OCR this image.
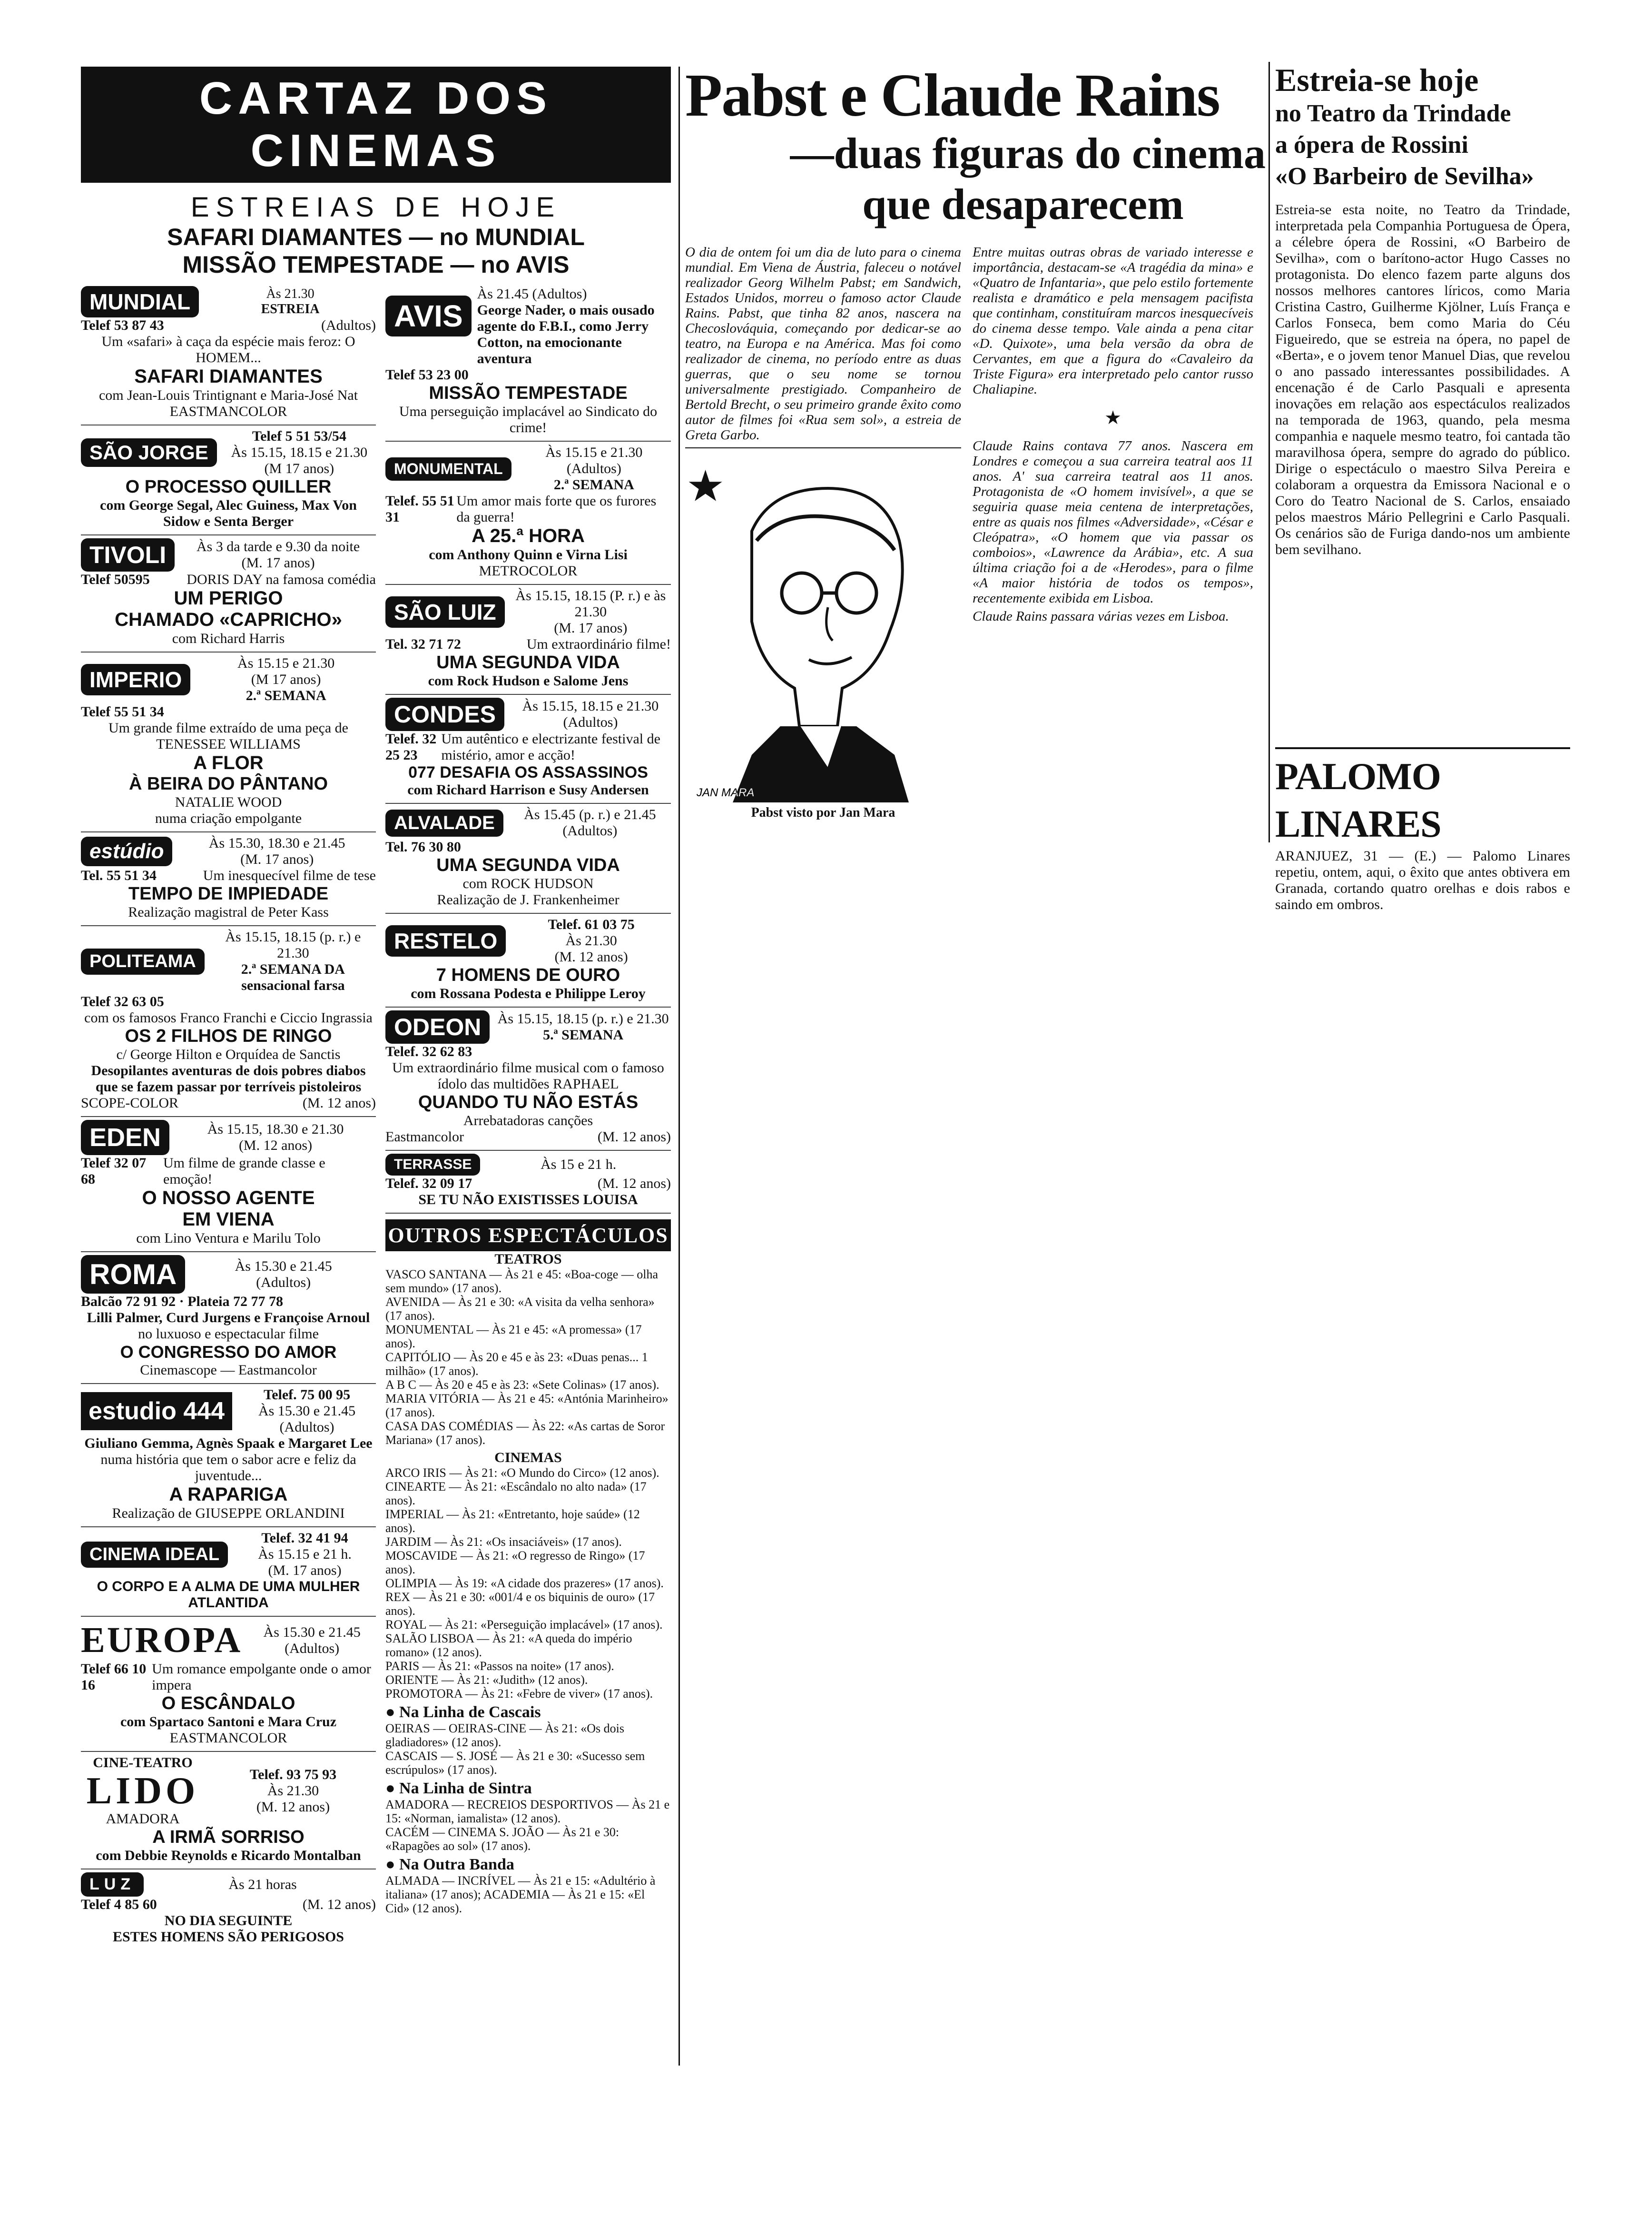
CARTAZ DOS CINEMAS
ESTREIAS DE HOJE
SAFARI DIAMANTES — no MUNDIAL
MISSÃO TEMPESTADE — no AVIS
MUNDIAL	Às 21.30
ESTREIA
Telef 53 87 43	(Adultos)
Um «safari» à caça da espécie mais feroz: O HOMEM...
SAFARI DIAMANTES
com Jean-Louis Trintignant e Maria-José Nat
EASTMANCOLOR
SÃO JORGE
Telef 5 51 53/54
Às 15.15, 18.15 e 21.30
(M 17 anos)
O PROCESSO QUILLER
com George Segal, Alec Guiness, Max Von Sidow e Senta Berger
TIVOLI	Às 3 da tarde e 9.30 da noite
(M. 17 anos)
Telef 50595	DORIS DAY na famosa comédia
UM PERIGO
CHAMADO «CAPRICHO»
com Richard Harris
IMPERIO
Às 15.15 e 21.30
(M 17 anos)
2.ª SEMANA
Telef 55 51 34
Um grande filme extraído de uma peça de TENESSEE WILLIAMS
A FLOR
À BEIRA DO PÂNTANO
NATALIE WOOD
numa criação empolgante
estúdio	Às 15.30, 18.30 e 21.45
(M. 17 anos)
Tel. 55 51 34	Um inesquecível filme de tese
TEMPO DE IMPIEDADE
Realização magistral de Peter Kass
POLITEAMA
Às 15.15, 18.15 (p. r.) e 21.30
2.ª SEMANA DA sensacional farsa
Telef 32 63 05
com os famosos Franco Franchi e Ciccio Ingrassia
OS 2 FILHOS DE RINGO
c/ George Hilton e Orquídea de Sanctis
Desopilantes aventuras de dois pobres diabos que se fazem passar por terríveis pistoleiros
SCOPE-COLOR	(M. 12 anos)
EDEN	Às 15.15, 18.30 e 21.30
(M. 12 anos)
Telef 32 07 68
Um filme de grande classe e emoção!
O NOSSO AGENTE
EM VIENA
com Lino Ventura e Marilu Tolo
ROMA	Às 15.30 e 21.45
(Adultos)
Balcão 72 91 92 · Plateia 72 77 78
Lilli Palmer, Curd Jurgens e Françoise Arnoul
no luxuoso e espectacular filme
O CONGRESSO DO AMOR
Cinemascope — Eastmancolor
estudio 444
Telef. 75 00 95
Às 15.30 e 21.45
(Adultos)
Giuliano Gemma, Agnès Spaak e Margaret Lee
numa história que tem o sabor acre e feliz da juventude...
A RAPARIGA
Realização de GIUSEPPE ORLANDINI
CINEMA IDEAL
Telef. 32 41 94
Às 15.15 e 21 h.
(M. 17 anos)
O CORPO E A ALMA DE UMA MULHER ATLANTIDA
EUROPA	Às 15.30 e 21.45
(Adultos)
Telef 66 10 16
Um romance empolgante onde o amor impera
O ESCÂNDALO
com Spartaco Santoni e Mara Cruz
EASTMANCOLOR
CINE-TEATRO
LIDO
AMADORA
Telef. 93 75 93
Às 21.30
(M. 12 anos)
A IRMÃ SORRISO
com Debbie Reynolds e Ricardo Montalban
LUZ	Às 21 horas
Telef 4 85 60	(M. 12 anos)
NO DIA SEGUINTE
ESTES HOMENS SÃO PERIGOSOS
AVIS
Às 21.45 (Adultos)
George Nader, o mais ousado agente do F.B.I., como Jerry Cotton, na emocionante aventura
Telef 53 23 00
MISSÃO TEMPESTADE
Uma perseguição implacável ao Sindicato do crime!
MONUMENTAL
Às 15.15 e 21.30
(Adultos)
2.ª SEMANA
Telef. 55 51 31
Um amor mais forte que os furores da guerra!
A 25.ª HORA
com Anthony Quinn e Virna Lisi
METROCOLOR
SÃO LUIZ
Às 15.15, 18.15 (P. r.) e às 21.30
(M. 17 anos)
Tel. 32 71 72	Um extraordinário filme!
UMA SEGUNDA VIDA
com Rock Hudson e Salome Jens
CONDES	Às 15.15, 18.15 e 21.30
(Adultos)
Telef. 32 25 23
Um autêntico e electrizante festival de mistério, amor e acção!
077 DESAFIA OS ASSASSINOS
com Richard Harrison e Susy Andersen
ALVALADE	Às 15.45 (p. r.) e 21.45
(Adultos)
Tel. 76 30 80
UMA SEGUNDA VIDA
com ROCK HUDSON
Realização de J. Frankenheimer
RESTELO
Telef. 61 03 75
Às 21.30
(M. 12 anos)
7 HOMENS DE OURO
com Rossana Podesta e Philippe Leroy
ODEON	Às 15.15, 18.15 (p. r.) e 21.30
5.ª SEMANA
Telef. 32 62 83
Um extraordinário filme musical com o famoso ídolo das multidões RAPHAEL
QUANDO TU NÃO ESTÁS
Arrebatadoras canções
Eastmancolor	(M. 12 anos)
TERRASSE	Às 15 e 21 h.
Telef. 32 09 17	(M. 12 anos)
SE TU NÃO EXISTISSES LOUISA
OUTROS ESPECTÁCULOS
TEATROS
VASCO SANTANA — Às 21 e 45: «Boa-coge — olha sem mundo» (17 anos).
AVENIDA — Às 21 e 30: «A visita da velha senhora» (17 anos).
MONUMENTAL — Às 21 e 45: «A promessa» (17 anos).
CAPITÓLIO — Às 20 e 45 e às 23: «Duas penas... 1 milhão» (17 anos).
A B C — Às 20 e 45 e às 23: «Sete Colinas» (17 anos).
MARIA VITÓRIA — Às 21 e 45: «Antónia Marinheiro» (17 anos).
CASA DAS COMÉDIAS — Às 22: «As cartas de Soror Mariana» (17 anos).
CINEMAS
ARCO IRIS — Às 21: «O Mundo do Circo» (12 anos).
CINEARTE — Às 21: «Escândalo no alto nada» (17 anos).
IMPERIAL — Às 21: «Entretanto, hoje saúde» (12 anos).
JARDIM — Às 21: «Os insaciáveis» (17 anos).
MOSCAVIDE — Às 21: «O regresso de Ringo» (17 anos).
OLIMPIA — Às 19: «A cidade dos prazeres» (17 anos).
REX — Às 21 e 30: «001/4 e os biquinis de ouro» (17 anos).
ROYAL — Às 21: «Perseguição implacável» (17 anos).
SALÃO LISBOA — Às 21: «A queda do império romano» (12 anos).
PARIS — Às 21: «Passos na noite» (17 anos).
ORIENTE — Às 21: «Judith» (12 anos).
PROMOTORA — Às 21: «Febre de viver» (17 anos).
● Na Linha de Cascais
OEIRAS — OEIRAS-CINE — Às 21: «Os dois gladiadores» (12 anos).
CASCAIS — S. JOSÉ — Às 21 e 30: «Sucesso sem escrúpulos» (17 anos).
● Na Linha de Sintra
AMADORA — RECREIOS DESPORTIVOS — Às 21 e 15: «Norman, iamalista» (12 anos).
CACÉM — CINEMA S. JOÃO — Às 21 e 30: «Rapagões ao sol» (17 anos).
● Na Outra Banda
ALMADA — INCRÍVEL — Às 21 e 15: «Adultério à italiana» (17 anos); ACADEMIA — Às 21 e 15: «El Cid» (12 anos).
Pabst e Claude Rains
—duas figuras do cinema
que desaparecem
O dia de ontem foi um dia de luto para o cinema mundial. Em Viena de Áustria, faleceu o notável realizador Georg Wilhelm Pabst; em Sandwich, Estados Unidos, morreu o famoso actor Claude Rains. Pabst, que tinha 82 anos, nascera na Checoslováquia, começando por dedicar-se ao teatro, na Europa e na América. Mas foi como realizador de cinema, no período entre as duas guerras, que o seu nome se tornou universalmente prestigiado. Companheiro de Bertold Brecht, o seu primeiro grande êxito como autor de filmes foi «Rua sem sol», a estreia de Greta Garbo.
JAN MARA
Pabst visto por Jan Mara
Entre muitas outras obras de variado interesse e importância, destacam-se «A tragédia da mina» e «Quatro de Infantaria», que pelo estilo fortemente realista e dramático e pela mensagem pacifista que continham, constituíram marcos inesquecíveis do cinema desse tempo. Vale ainda a pena citar «D. Quixote», uma bela versão da obra de Cervantes, em que a figura do «Cavaleiro da Triste Figura» era interpretado pelo cantor russo Chaliapine.
★
Claude Rains contava 77 anos. Nascera em Londres e começou a sua carreira teatral aos 11 anos. A' sua carreira teatral aos 11 anos. Protagonista de «O homem invisível», a que se seguiria quase meia centena de interpretações, entre as quais nos filmes «Adversidade», «César e Cleópatra», «O homem que via passar os comboios», «Lawrence da Arábia», etc. A sua última criação foi a de «Herodes», para o filme «A maior história de todos os tempos», recentemente exibida em Lisboa.
Claude Rains passara várias vezes em Lisboa.
Estreia-se hoje
no Teatro da Trindade
a ópera de Rossini
«O Barbeiro de Sevilha»
Estreia-se esta noite, no Teatro da Trindade, interpretada pela Companhia Portuguesa de Ópera, a célebre ópera de Rossini, «O Barbeiro de Sevilha», com o barítono-actor Hugo Casses no protagonista. Do elenco fazem parte alguns dos nossos melhores cantores líricos, como Maria Cristina Castro, Guilherme Kjölner, Luís França e Carlos Fonseca, bem como Maria do Céu Figueiredo, que se estreia na ópera, no papel de «Berta», e o jovem tenor Manuel Dias, que revelou o ano passado interessantes possibilidades. A encenação é de Carlo Pasquali e apresenta inovações em relação aos espectáculos realizados na temporada de 1963, quando, pela mesma companhia e naquele mesmo teatro, foi cantada tão maravilhosa ópera, sempre do agrado do público. Dirige o espectáculo o maestro Silva Pereira e colaboram a orquestra da Emissora Nacional e o Coro do Teatro Nacional de S. Carlos, ensaiado pelos maestros Mário Pellegrini e Carlo Pasquali. Os cenários são de Furiga dando-nos um ambiente bem sevilhano.
PALOMO LINARES
ARANJUEZ, 31 — (E.) — Palomo Linares repetiu, ontem, aqui, o êxito que antes obtivera em Granada, cortando quatro orelhas e dois rabos e saindo em ombros.
